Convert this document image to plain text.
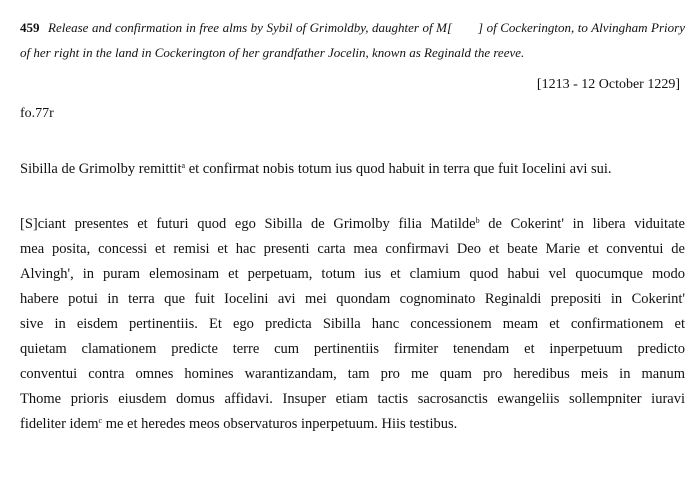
459 Release and confirmation in free alms by Sybil of Grimoldby, daughter of M[ ] of Cockerington, to Alvingham Priory of her right in the land in Cockerington of her grandfather Jocelin, known as Reginald the reeve.
[1213 - 12 October 1229]
fo.77r
Sibilla de Grimolby remittit$^a$ et confirmat nobis totum ius quod habuit in terra que fuit Iocelini avi sui.
[S]ciant presentes et futuri quod ego Sibilla de Grimolby filia Matilde$^b$ de Cokerint' in libera viduitate
mea posita, concessi et remisi et hac presenti carta mea confirmavi Deo et beate Marie et conventui de
Alvingh', in puram elemosinam et perpetuam, totum ius et clamium quod habui vel quocumque modo
habere potui in terra que fuit Iocelini avi mei quondam cognominato Reginaldi prepositi in Cokerint'
sive in eisdem pertinentiis. Et ego predicta Sibilla hanc concessionem meam et confirmationem et
quietam clamationem predicte terre cum pertinentiis firmiter tenendam et inperpetuum predicto
conventui contra omnes homines warantizandam, tam pro me quam pro heredibus meis in manum
Thome prioris eiusdem domus affidavi. Insuper etiam tactis sacrosanctis ewangeliis sollempniter iuravi
fideliter idem$^c$ me et heredes meos observaturos inperpetuum. Hiis testibus.
